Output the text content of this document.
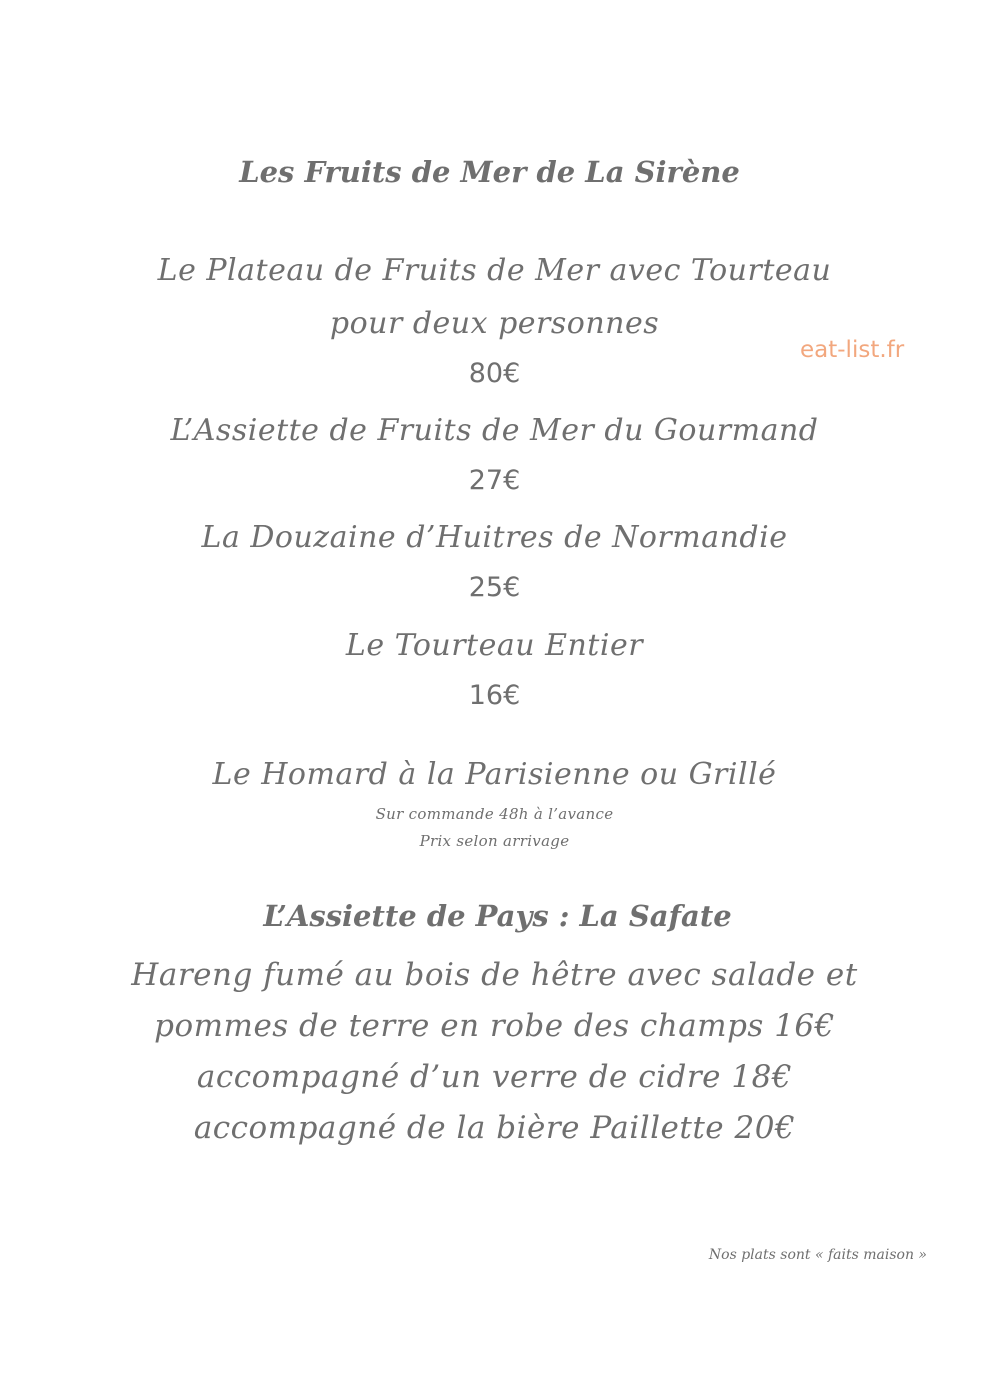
Les Fruits de Mer de La Sirène
eat-list.fr
Le Plateau de Fruits de Mer avec Tourteau
pour deux personnes
80€
L’Assiette de Fruits de Mer du Gourmand
27€
La Douzaine d’Huitres de Normandie
25€
Le Tourteau Entier
16€
Le Homard à la Parisienne ou Grillé
Sur commande 48h à l’avance
Prix selon arrivage
L’Assiette de Pays : La Safate
Hareng fumé au bois de hêtre avec salade et
pommes de terre en robe des champs 16€
accompagné d’un verre de cidre 18€
accompagné de la bière Paillette 20€
Nos plats sont « faits maison »
